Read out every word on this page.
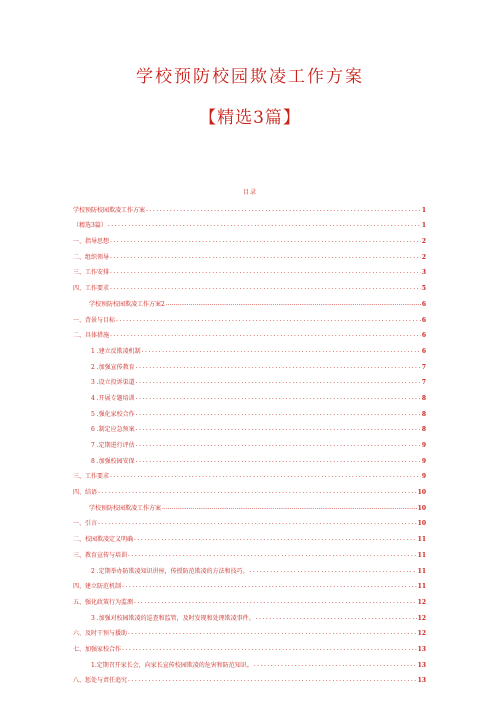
学校预防校园欺凌工作方案
【精选3篇】
目录
学校预防校园欺凌工作方案 .....	1
（精选3篇） .....	1
一、指导思想 .....	2
二、组织领导 .....	2
三、工作安排 .....	3
四、工作要求 .....	5
学校预防校园欺凌工作方案2 .....	6
一、背景与目标 .....	6
二、具体措施 .....	6
1 .建立反欺凌机制 .....	6
2 .加强宣传教育 .....	7
3 .设立投诉渠道 .....	7
4 .开展专题培训 .....	8
5 .强化家校合作 .....	8
6 .制定应急预案 .....	8
7 .定期进行评估 .....	9
8 .加强校园安保 .....	9
三、工作要求 .....	9
四、结语 .....	10
学校预防校园欺凌工作方案 .....	10
一、引言 .....	10
二、校园欺凌定义明确 .....	11
三、教育宣传与培训 .....	11
2 .定期举办防欺凌知识讲座，传授防范欺凌的方法和技巧。 .....	11
四、建立防范机制 .....	11
五、强化政策行为监测 .....	12
3 .加强对校园欺凌的巡查和监管，及时发现和处理欺凌事件。 .....	12
六、及时干预与援助 .....	12
七、加强家校合作 .....	13
1.定期召开家长会，向家长宣传校园欺凌的危害和防范知识。 .....	13
八、惩处与责任追究 .....	13
